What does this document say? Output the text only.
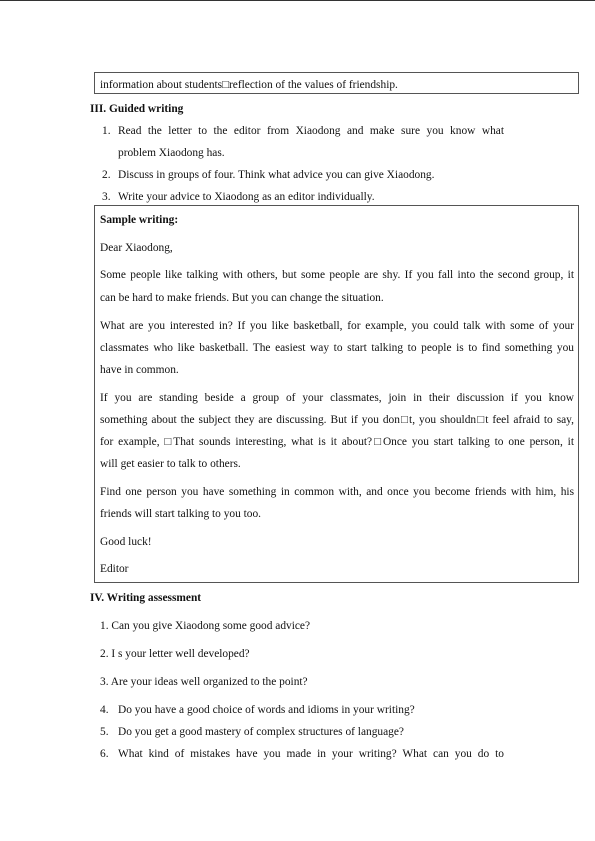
information about students□reflection of the values of friendship.
III. Guided writing
1. Read the letter to the editor from Xiaodong and make sure you know what
problem Xiaodong has.
2. Discuss in groups of four. Think what advice you can give Xiaodong.
3. Write your advice to Xiaodong as an editor individually.
Sample writing:
Dear Xiaodong,
Some people like talking with others, but some people are shy. If you fall into the second group, it
can be hard to make friends. But you can change the situation.
What are you interested in? If you like basketball, for example, you could talk with some of your
classmates who like basketball. The easiest way to start talking to people is to find something you
have in common.
If you are standing beside a group of your classmates, join in their discussion if you know
something about the subject they are discussing. But if you don□t, you shouldn□t feel afraid to say,
for example, □That sounds interesting, what is it about?□Once you start talking to one person, it
will get easier to talk to others.
Find one person you have something in common with, and once you become friends with him, his
friends will start talking to you too.
Good luck!
Editor
IV. Writing assessment
1. Can you give Xiaodong some good advice?
2. I s your letter well developed?
3. Are your ideas well organized to the point?
4. Do you have a good choice of words and idioms in your writing?
5. Do you get a good mastery of complex structures of language?
6. What kind of mistakes have you made in your writing? What can you do to
